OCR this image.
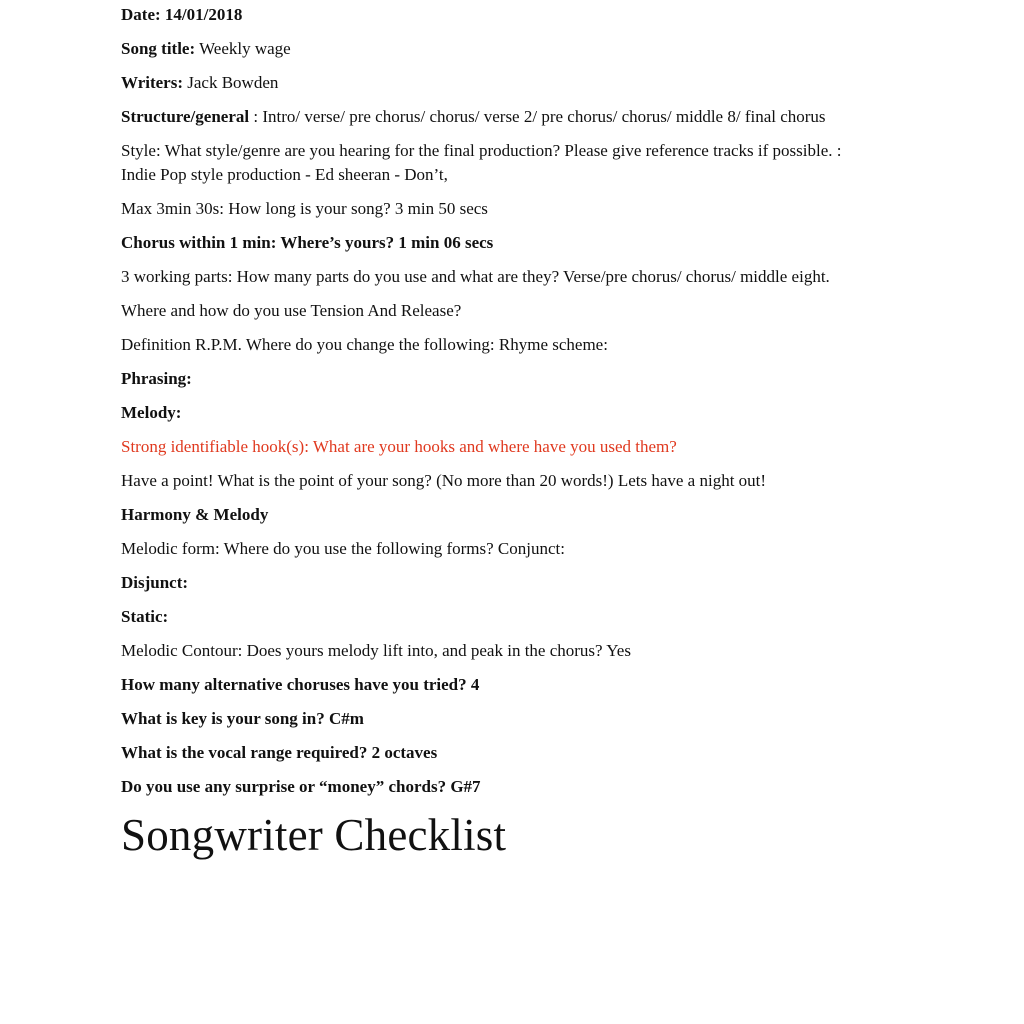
Date: 14/01/2018
Song title: Weekly wage
Writers: Jack Bowden
Structure/general : Intro/ verse/ pre chorus/ chorus/ verse 2/ pre chorus/ chorus/ middle 8/ final chorus
Style: What style/genre are you hearing for the final production? Please give reference tracks if possible. :
Indie Pop style production - Ed sheeran - Don’t,
Max 3min 30s: How long is your song? 3 min 50 secs
Chorus within 1 min: Where’s yours? 1 min 06 secs
3 working parts: How many parts do you use and what are they? Verse/pre chorus/ chorus/ middle eight.
Where and how do you use Tension And Release?
Definition R.P.M. Where do you change the following: Rhyme scheme:
Phrasing:
Melody:
Strong identifiable hook(s): What are your hooks and where have you used them?
Have a point! What is the point of your song? (No more than 20 words!) Lets have a night out!
Harmony & Melody
Melodic form: Where do you use the following forms? Conjunct:
Disjunct:
Static:
Melodic Contour: Does yours melody lift into, and peak in the chorus? Yes
How many alternative choruses have you tried? 4
What is key is your song in? C#m
What is the vocal range required? 2 octaves
Do you use any surprise or “money” chords? G#7
Songwriter Checklist
